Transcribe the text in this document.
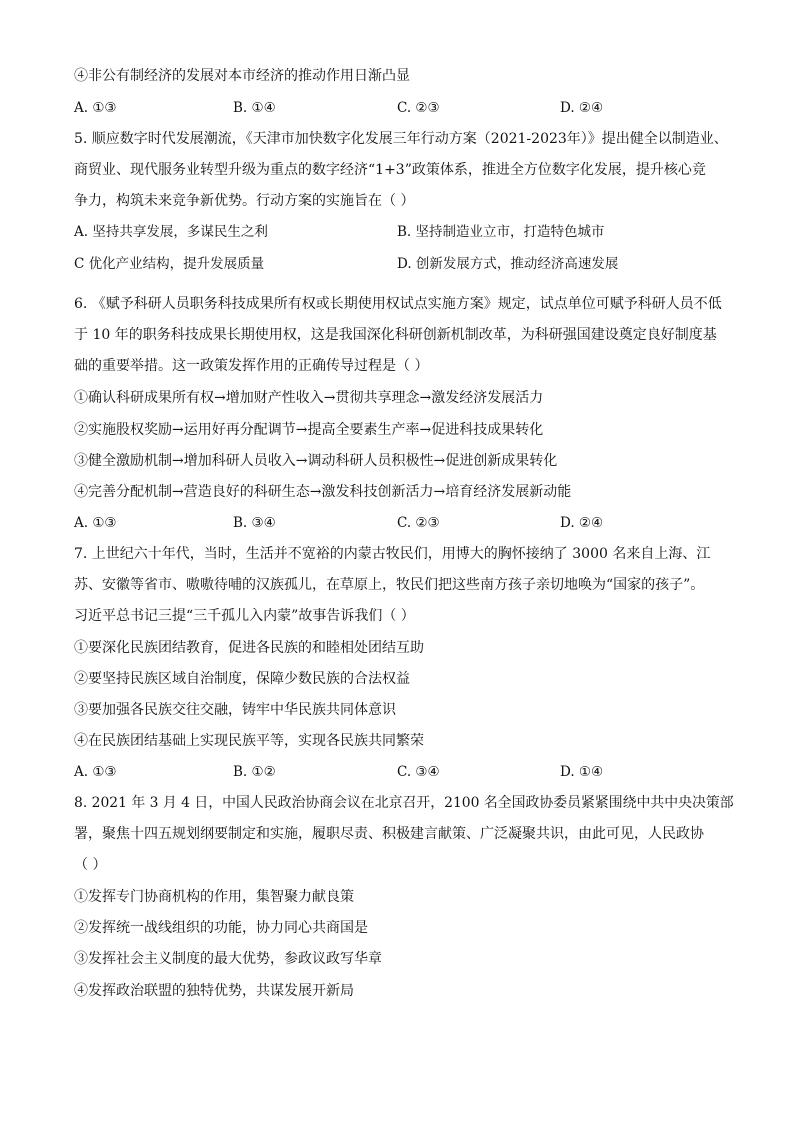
④非公有制经济的发展对本市经济的推动作用日渐凸显
A. ①③	B. ①④	C. ②③	D. ②④
5. 顺应数字时代发展潮流，《天津市加快数字化发展三年行动方案（2021-2023年）》提出健全以制造业、
商贸业、现代服务业转型升级为重点的数字经济“1+3”政策体系，推进全方位数字化发展，提升核心竞
争力，构筑未来竞争新优势。行动方案的实施旨在（ ）
A. 坚持共享发展，多谋民生之利	B. 坚持制造业立市，打造特色城市
C 优化产业结构，提升发展质量	D. 创新发展方式，推动经济高速发展
6. 《赋予科研人员职务科技成果所有权或长期使用权试点实施方案》规定，试点单位可赋予科研人员不低
于 10 年的职务科技成果长期使用权，这是我国深化科研创新机制改革，为科研强国建设奠定良好制度基
础的重要举措。这一政策发挥作用的正确传导过程是（ ）
①确认科研成果所有权→增加财产性收入→贯彻共享理念→激发经济发展活力
②实施股权奖励→运用好再分配调节→提高全要素生产率→促进科技成果转化
③健全激励机制→增加科研人员收入→调动科研人员积极性→促进创新成果转化
④完善分配机制→营造良好的科研生态→激发科技创新活力→培育经济发展新动能
A. ①③	B. ③④	C. ②③	D. ②④
7. 上世纪六十年代，当时，生活并不宽裕的内蒙古牧民们，用博大的胸怀接纳了 3000 名来自上海、江
苏、安徽等省市、嗷嗷待哺的汉族孤儿，在草原上，牧民们把这些南方孩子亲切地唤为“国家的孩子”。
习近平总书记三提“三千孤儿入内蒙”故事告诉我们（ ）
①要深化民族团结教育，促进各民族的和睦相处团结互助
②要坚持民族区域自治制度，保障少数民族的合法权益
③要加强各民族交往交融，铸牢中华民族共同体意识
④在民族团结基础上实现民族平等，实现各民族共同繁荣
A. ①③	B. ①②	C. ③④	D. ①④
8. 2021 年 3 月 4 日，中国人民政治协商会议在北京召开，2100 名全国政协委员紧紧围绕中共中央决策部
署，聚焦十四五规划纲要制定和实施，履职尽责、积极建言献策、广泛凝聚共识，由此可见，人民政协
（ ）
①发挥专门协商机构的作用，集智聚力献良策
②发挥统一战线组织的功能，协力同心共商国是
③发挥社会主义制度的最大优势，参政议政写华章
④发挥政治联盟的独特优势，共谋发展开新局
